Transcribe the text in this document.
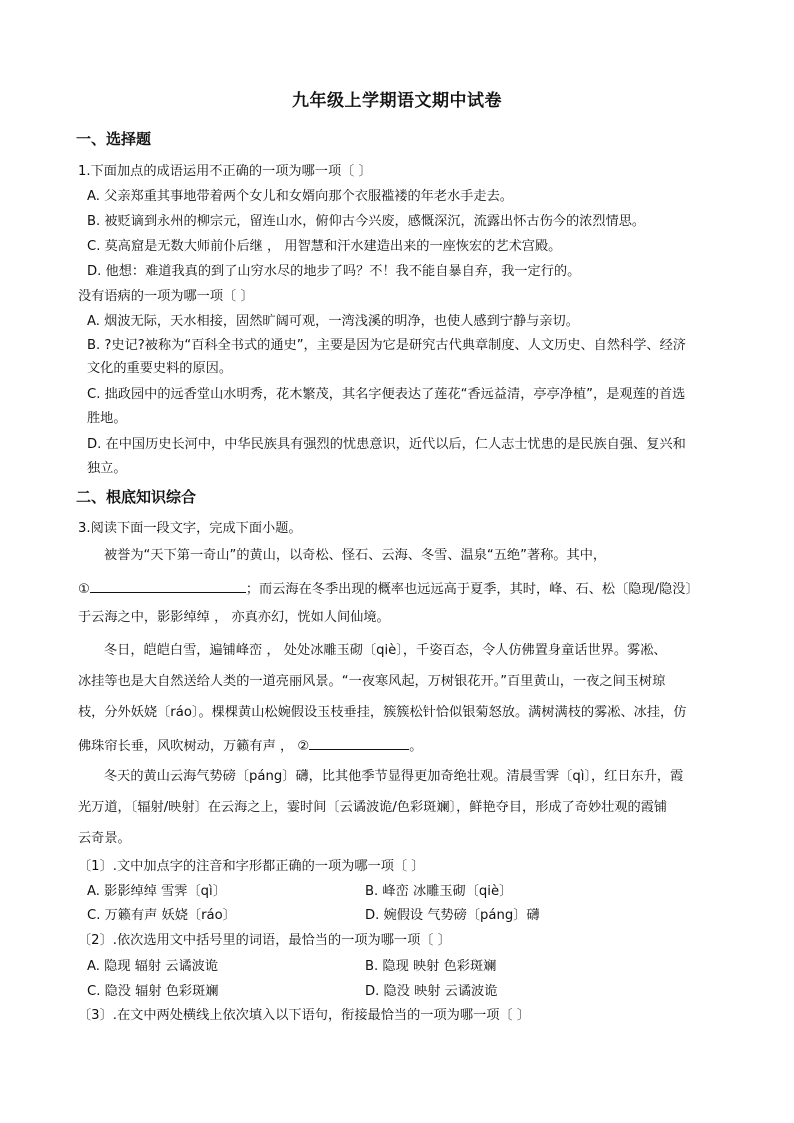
九年级上学期语文期中试卷
一、选择题
1.下面加点的成语运用不正确的一项为哪一项〔 〕
A. 父亲郑重其事地带着两个女儿和女婿向那个衣服褴褛的年老水手走去。
B. 被贬谪到永州的柳宗元，留连山水，俯仰古今兴废，感慨深沉，流露出怀古伤今的浓烈情思。
C. 莫高窟是无数大师前仆后继 ， 用智慧和汗水建造出来的一座恢宏的艺术宫殿。
D. 他想：难道我真的到了山穷水尽的地步了吗？不！我不能自暴自弃，我一定行的。
没有语病的一项为哪一项〔 〕
A. 烟波无际，天水相接，固然旷阔可观，一湾浅溪的明净，也使人感到宁静与亲切。
B. ?史记?被称为“百科全书式的通史”，主要是因为它是研究古代典章制度、人文历史、自然科学、经济
文化的重要史料的原因。
C. 拙政园中的远香堂山水明秀，花木繁茂，其名字便表达了莲花“香远益清，亭亭净植”，是观莲的首选
胜地。
D. 在中国历史长河中，中华民族具有强烈的忧患意识，近代以后，仁人志士忧患的是民族自强、复兴和
独立。
二、根底知识综合
3.阅读下面一段文字，完成下面小题。
被誉为“天下第一奇山”的黄山，以奇松、怪石、云海、冬雪、温泉“五绝”著称。其中，
①	；而云海在冬季出现的概率也远远高于夏季，其时，峰、石、松〔隐现/隐没〕
于云海之中，影影绰绰 ， 亦真亦幻，恍如人间仙境。
冬日，皑皑白雪，遍铺峰峦 ， 处处冰雕玉砌〔qiè〕，千姿百态，令人仿佛置身童话世界。雾凇、
冰挂等也是大自然送给人类的一道亮丽风景。“一夜寒风起，万树银花开。”百里黄山，一夜之间玉树琼
枝，分外妖娆〔ráo〕。棵棵黄山松婉假设玉枝垂挂，簇簇松针恰似银菊怒放。满树满枝的雾凇、冰挂，仿
佛珠帘长垂，风吹树动，万籁有声 ， ②	。
冬天的黄山云海气势磅〔páng〕礴，比其他季节显得更加奇绝壮观。清晨雪霁〔qì〕，红日东升，霞
光万道，〔辐射/映射〕在云海之上，霎时间〔云谲波诡/色彩斑斓〕，鲜艳夺目，形成了奇妙壮观的霞铺
云奇景。
〔1〕.文中加点字的注音和字形都正确的一项为哪一项〔 〕
A. 影影绰绰 雪霁〔qì〕	B. 峰峦 冰雕玉砌〔qiè〕
C. 万籁有声 妖娆〔ráo〕	D. 婉假设 气势磅〔páng〕礴
〔2〕.依次选用文中括号里的词语，最恰当的一项为哪一项〔 〕
A. 隐现 辐射 云谲波诡	B. 隐现 映射 色彩斑斓
C. 隐没 辐射 色彩斑斓	D. 隐没 映射 云谲波诡
〔3〕.在文中两处横线上依次填入以下语句，衔接最恰当的一项为哪一项〔 〕
